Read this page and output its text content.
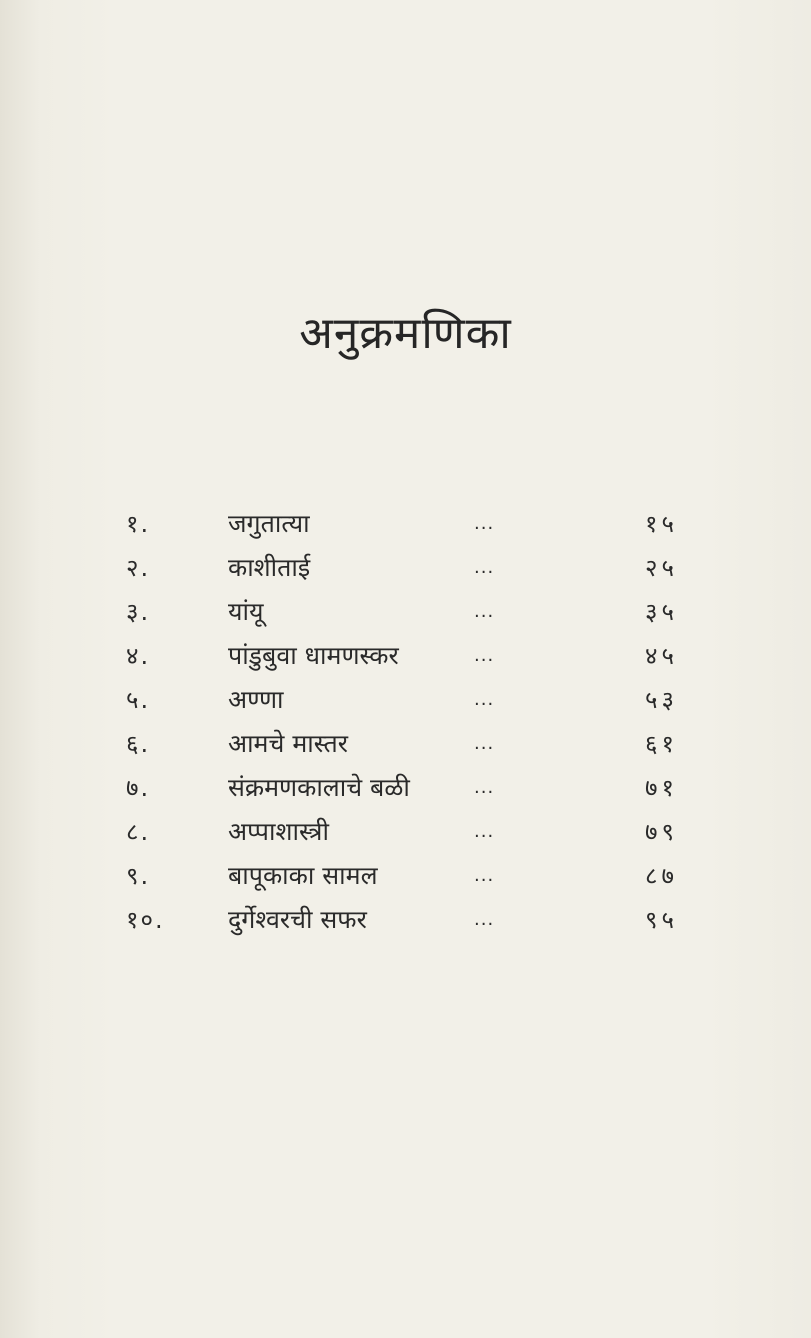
अनुक्रमणिका
१.	जगुतात्या	...	१५
२.	काशीताई	...	२५
३.	यांयू	...	३५
४.	पांडुबुवा धामणस्कर	...	४५
५.	अण्णा	...	५३
६.	आमचे मास्तर	...	६१
७.	संक्रमणकालाचे बळी	...	७१
८.	अप्पाशास्त्री	...	७९
९.	बापूकाका सामल	...	८७
१०.	दुर्गेश्वरची सफर	...	९५
